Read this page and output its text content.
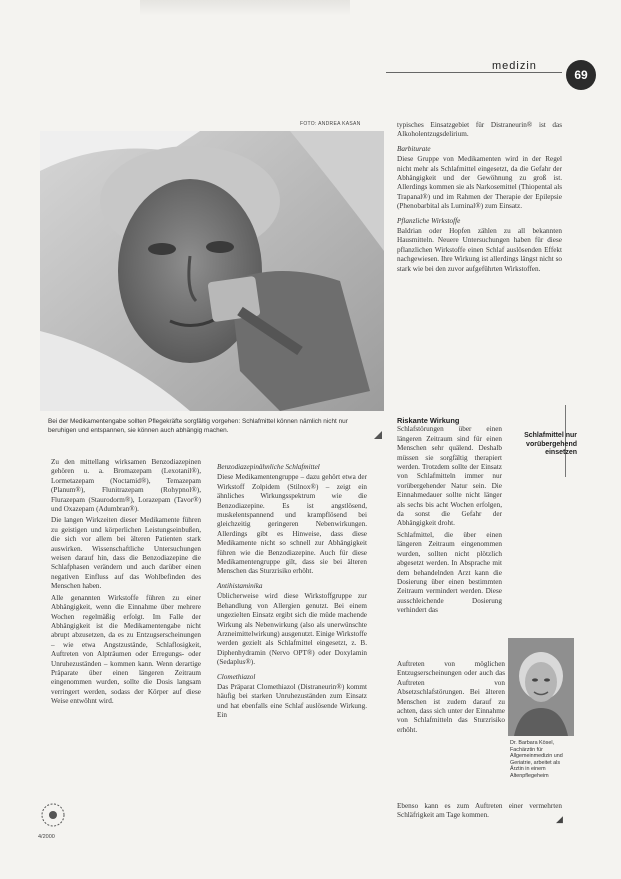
medizin
69
FOTO: ANDREA KASAN
Bei der Medikamentengabe sollten Pflegekräfte sorgfältig vorgehen: Schlafmittel können nämlich nicht nur beruhigen und entspannen, sie können auch abhängig machen.

Zu den mittellang wirksamen Benzodiazepinen gehören u. a. Bromazepam (Lexotanil®), Lormetazepam (Noctamid®), Temazepam (Planum®), Flunitrazepam (Rohypnol®), Flurazepam (Staurodorm®), Lorazepam (Tavor®) und Oxazepam (Adumbran®).

Die langen Wirkzeiten dieser Medikamente führen zu geistigen und körperlichen Leistungseinbußen, die sich vor allem bei älteren Patienten stark auswirken. Wissenschaftliche Untersuchungen weisen darauf hin, dass die Benzodiazepine die Schlafphasen verändern und auch darüber einen negativen Einfluss auf das Wohlbefinden des Menschen haben.

Alle genannten Wirkstoffe führen zu einer Abhängigkeit, wenn die Einnahme über mehrere Wochen regelmäßig erfolgt. Im Falle der Abhängigkeit ist die Medikamentengabe nicht abrupt abzusetzen, da es zu Entzugserscheinungen – wie etwa Angstzustände, Schlaflosigkeit, Auftreten von Alpträumen oder Erregungs- oder Unruhezuständen – kommen kann. Wenn derartige Präparate über einen längeren Zeitraum eingenommen wurden, sollte die Dosis langsam verringert werden, sodass der Körper auf diese Weise entwöhnt wird.

Benzodiazepinähnliche Schlafmittel

Diese Medikamentengruppe – dazu gehört etwa der Wirkstoff Zolpidem (Stilnox®) – zeigt ein ähnliches Wirkungsspektrum wie die Benzodiazepine. Es ist angstlösend, muskelentspannend und krampflösend bei gleichzeitig geringeren Nebenwirkungen. Allerdings gibt es Hinweise, dass diese Medikamente nicht so schnell zur Abhängigkeit führen wie die Benzodiazepine. Auch für diese Medikamentengruppe gilt, dass sie bei älteren Menschen das Sturzrisiko erhöht.

Antihistaminika

Üblicherweise wird diese Wirkstoffgruppe zur Behandlung von Allergien genutzt. Bei einem ungezielten Einsatz ergibt sich die müde machende Wirkung als Nebenwirkung (also als unerwünschte Arzneimittelwirkung) ausgenutzt. Einige Wirkstoffe werden gezielt als Schlafmittel eingesetzt, z. B. Diphenhydramin (Nervo OPT®) oder Doxylamin (Sedaplus®).

Clomethiazol

Das Präparat Clomethiazol (Distraneurin®) kommt häufig bei starken Unruhezuständen zum Einsatz und hat ebenfalls eine Schlaf auslösende Wirkung. Ein

typisches Einsatzgebiet für Distraneurin® ist das Alkoholentzugsdelirium.

Barbiturate

Diese Gruppe von Medikamenten wird in der Regel nicht mehr als Schlafmittel eingesetzt, da die Gefahr der Abhängigkeit und der Gewöhnung zu groß ist. Allerdings kommen sie als Narkosemittel (Thiopental als Trapanal®) und im Rahmen der Therapie der Epilepsie (Phenobarbital als Luminal®) zum Einsatz.

Pflanzliche Wirkstoffe

Baldrian oder Hopfen zählen zu all bekannten Hausmitteln. Neuere Untersuchungen haben für diese pflanzlichen Wirkstoffe einen Schlaf auslösenden Effekt nachgewiesen. Ihre Wirkung ist allerdings längst nicht so stark wie bei den zuvor aufgeführten Wirkstoffen.

Riskante Wirkung

Schlafstörungen über einen längeren Zeitraum sind für einen Menschen sehr quälend. Deshalb müssen sie sorgfältig therapiert werden. Trotzdem sollte der Einsatz von Schlafmitteln immer nur vorübergehender Natur sein. Die Einnahmedauer sollte nicht länger als sechs bis acht Wochen erfolgen, da sonst die Gefahr der Abhängigkeit droht.

Schlafmittel, die über einen längeren Zeitraum eingenommen wurden, sollten nicht plötzlich abgesetzt werden. In Absprache mit dem behandelnden Arzt kann die Dosierung über einen bestimmten Zeitraum vermindert werden. Diese ausschleichende Dosierung verhindert das

Schlafmittel nur vorübergehend einsetzen

Auftreten von möglichen Entzugserscheinungen oder auch das Auftreten von Absetzschlafstörungen. Bei älteren Menschen ist zudem darauf zu achten, dass sich unter der Einnahme von Schlafmitteln das Sturzrisiko erhöht.

Dr. Barbara Kösel, Fachärztin für Allgemeinmedizin und Geriatrie, arbeitet als Ärztin in einem Altenpflegeheim

Ebenso kann es zum Auftreten einer vermehrten Schläfrigkeit am Tage kommen.	◢
4/2000
